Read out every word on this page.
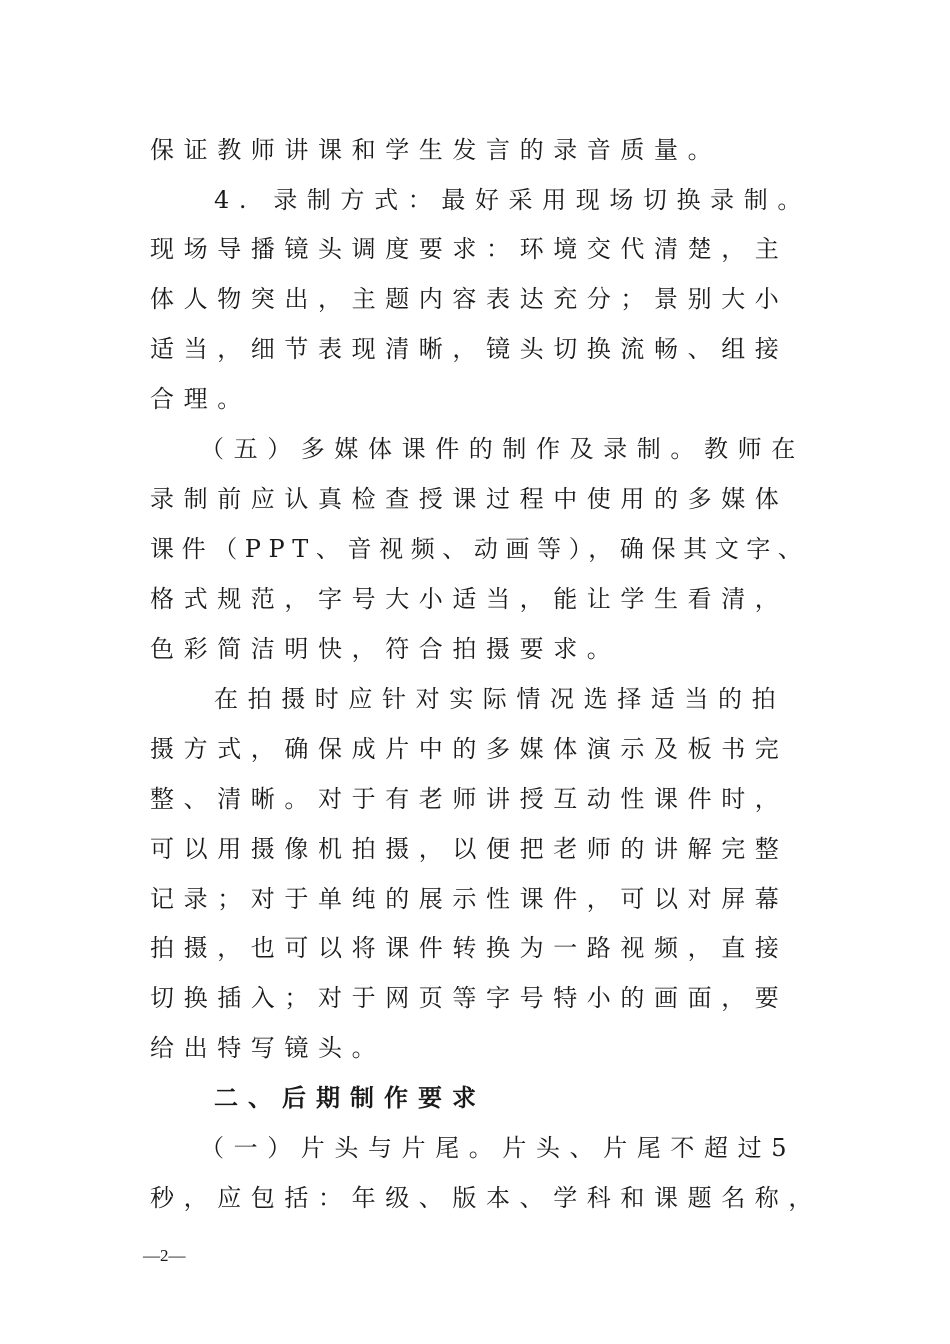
保证教师讲课和学生发言的录音质量。
4. 录制方式：最好采用现场切换录制。
现场导播镜头调度要求：环境交代清楚，主
体人物突出，主题内容表达充分；景别大小
适当，细节表现清晰，镜头切换流畅、组接
合理。
（五）多媒体课件的制作及录制。教师在
录制前应认真检查授课过程中使用的多媒体
课件（PPT、音视频、动画等），确保其文字、
格式规范，字号大小适当，能让学生看清，
色彩简洁明快，符合拍摄要求。
在拍摄时应针对实际情况选择适当的拍
摄方式，确保成片中的多媒体演示及板书完
整、清晰。对于有老师讲授互动性课件时，
可以用摄像机拍摄，以便把老师的讲解完整
记录；对于单纯的展示性课件，可以对屏幕
拍摄，也可以将课件转换为一路视频，直接
切换插入；对于网页等字号特小的画面，要
给出特写镜头。
二、后期制作要求
（一）片头与片尾。片头、片尾不超过5
秒，应包括：年级、版本、学科和课题名称，
—2—
